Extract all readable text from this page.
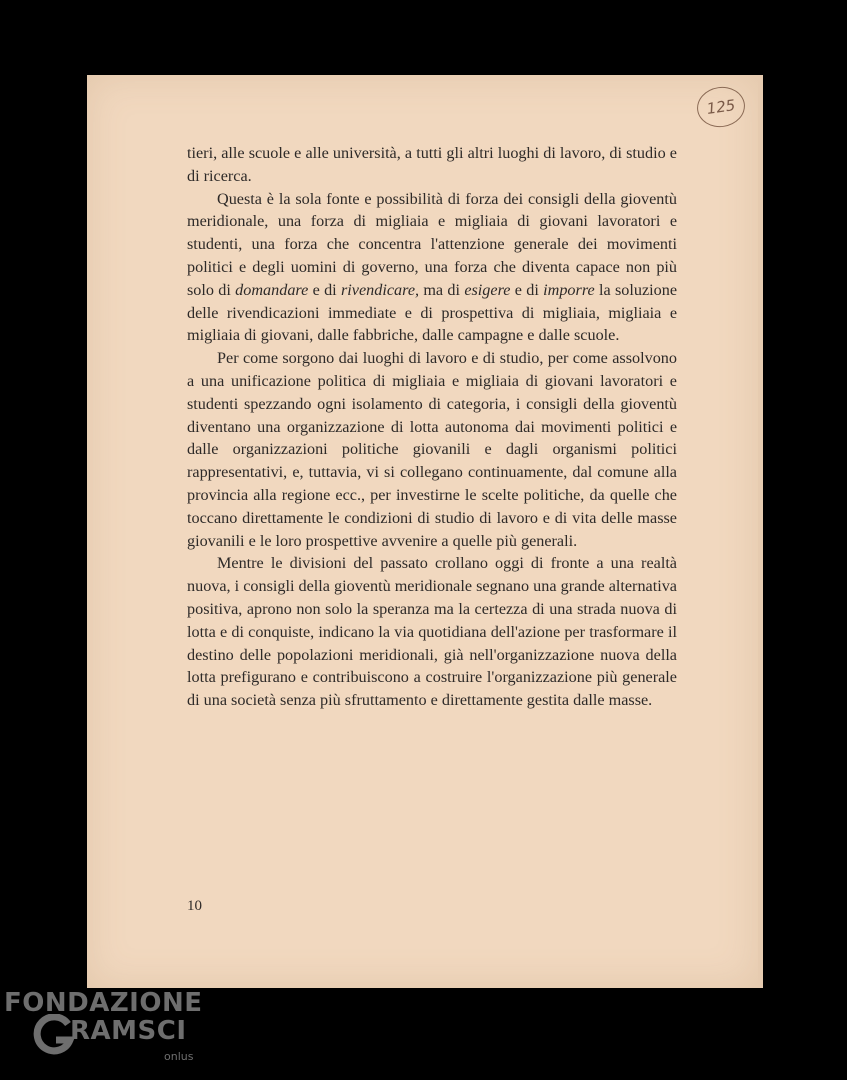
125

tieri, alle scuole e alle università, a tutti gli altri luoghi di lavoro, di studio e di ricerca.

Questa è la sola fonte e possibilità di forza dei consigli della gioventù meridionale, una forza di migliaia e migliaia di giovani lavoratori e studenti, una forza che concentra l'attenzione generale dei movimenti politici e degli uomini di governo, una forza che diventa capace non più solo di domandare e di rivendicare, ma di esigere e di imporre la soluzione delle rivendicazioni immediate e di prospettiva di migliaia, migliaia e migliaia di giovani, dalle fabbriche, dalle campagne e dalle scuole.

Per come sorgono dai luoghi di lavoro e di studio, per come assolvono a una unificazione politica di migliaia e migliaia di giovani lavoratori e studenti spezzando ogni isolamento di categoria, i consigli della gioventù diventano una organizzazione di lotta autonoma dai movimenti politici e dalle organizzazioni politiche giovanili e dagli organismi politici rappresentativi, e, tuttavia, vi si collegano continuamente, dal comune alla provincia alla regione ecc., per investirne le scelte politiche, da quelle che toccano direttamente le condizioni di studio di lavoro e di vita delle masse giovanili e le loro prospettive avvenire a quelle più generali.

Mentre le divisioni del passato crollano oggi di fronte a una realtà nuova, i consigli della gioventù meridionale segnano una grande alternativa positiva, aprono non solo la speranza ma la certezza di una strada nuova di lotta e di conquiste, indicano la via quotidiana dell'azione per trasformare il destino delle popolazioni meridionali, già nell'organizzazione nuova della lotta prefigurano e contribuiscono a costruire l'organizzazione più generale di una società senza più sfruttamento e direttamente gestita dalle masse.

10
FONDAZIONE
RAMSCI
onlus
